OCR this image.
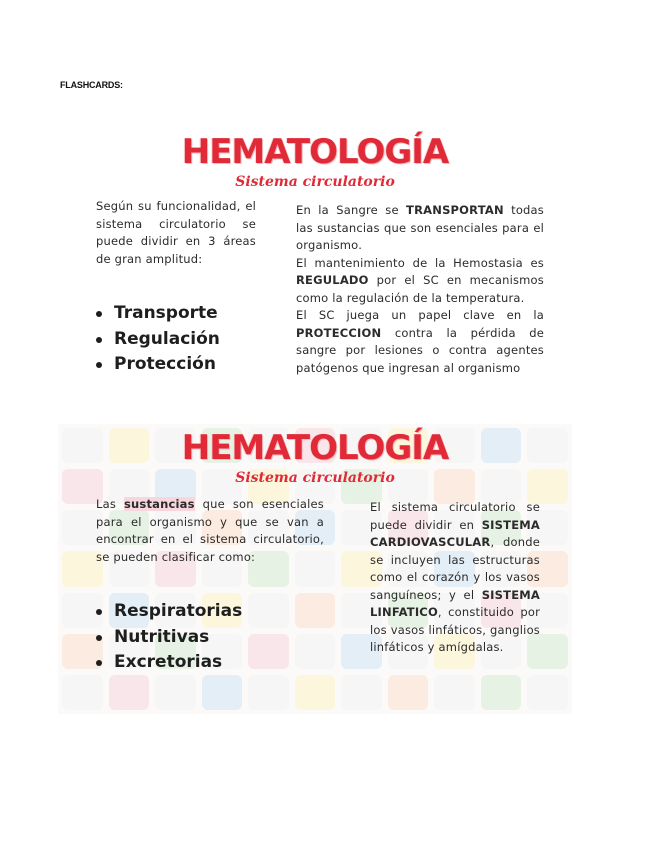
FLASHCARDS:
HEMATOLOGÍA
Sistema circulatorio
Según su funcionalidad, el sistema circulatorio se puede dividir en 3 áreas de gran amplitud:
Transporte
Regulación
Protección
En la Sangre se TRANSPORTAN todas las sustancias que son esenciales para el organismo.
El mantenimiento de la Hemostasia es REGULADO por el SC en mecanismos como la regulación de la temperatura.
El SC juega un papel clave en la PROTECCION contra la pérdida de sangre por lesiones o contra agentes patógenos que ingresan al organismo
HEMATOLOGÍA
Sistema circulatorio
Las sustancias que son esenciales para el organismo y que se van a encontrar en el sistema circulatorio, se pueden clasificar como:
Respiratorias
Nutritivas
Excretorias
El sistema circulatorio se puede dividir en SISTEMA CARDIOVASCULAR, donde se incluyen las estructuras como el corazón y los vasos sanguíneos; y el SISTEMA LINFATICO, constituido por los vasos linfáticos, ganglios linfáticos y amígdalas.
